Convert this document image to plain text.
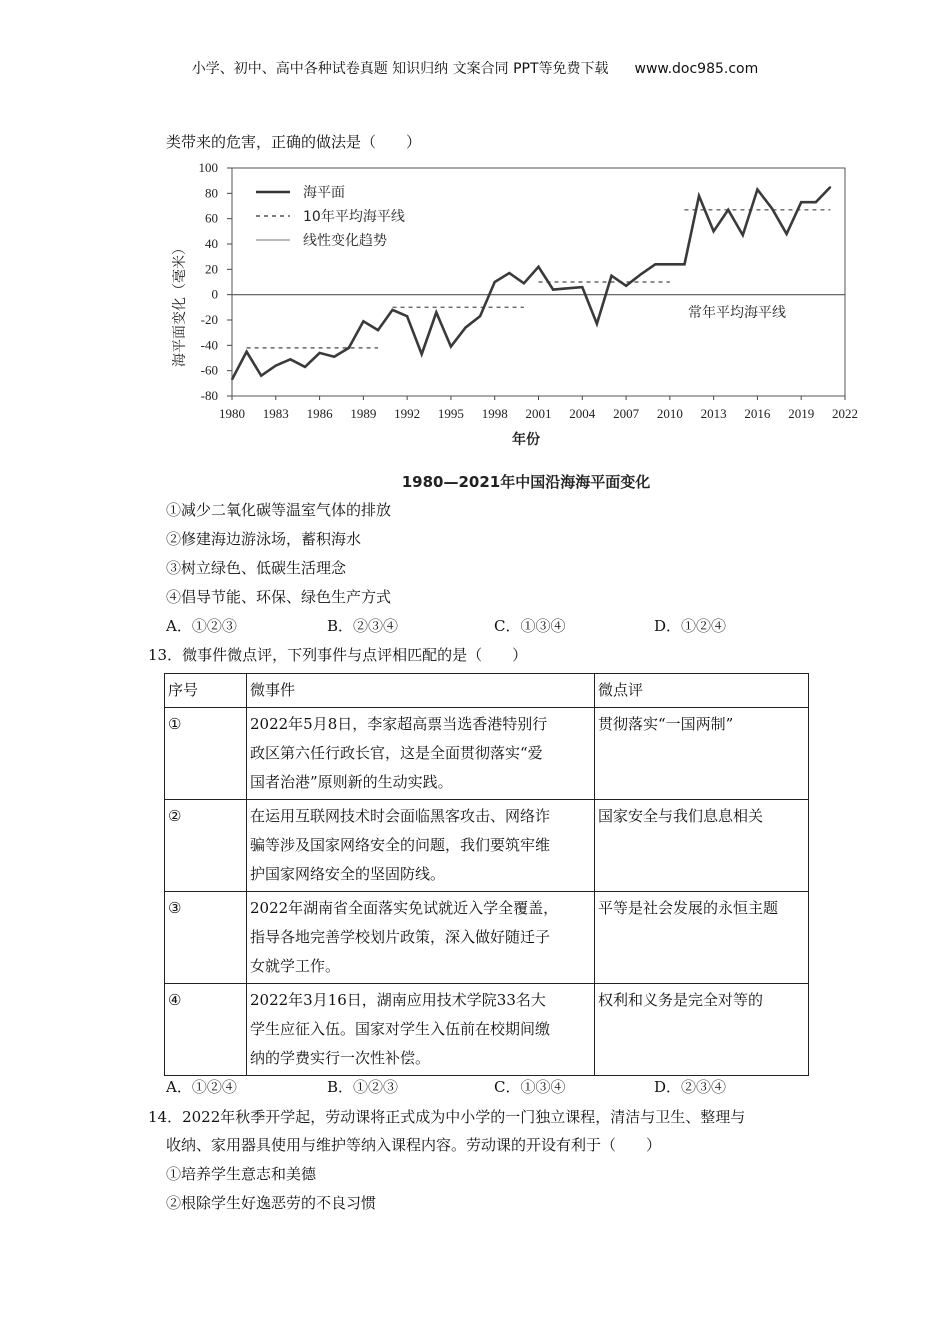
小学、初中、高中各种试卷真题 知识归纳 文案合同 PPT等免费下载 www.doc985.com
类带来的危害，正确的做法是（　　）
-80
-60
-40
-20
0
20
40
60
80
100
1980 1983 1986 1989 1992 1995 1998 2001 2004 2007 2010 2013 2016 2019 2022
海平面
10年平均海平线
线性变化趋势
常年平均海平线
海平面变化（毫米）
年份
1980—2021年中国沿海海平面变化
①减少二氧化碳等温室气体的排放
②修建海边游泳场，蓄积海水
③树立绿色、低碳生活理念
④倡导节能、环保、绿色生产方式
A．①②③	B．②③④	C．①③④	D．①②④
13．微事件微点评，下列事件与点评相匹配的是（　　）
序号	微事件	微点评
①	2022年5月8日，李家超高票当选香港特别行
政区第六任行政长官，这是全面贯彻落实“爱
国者治港”原则新的生动实践。	贯彻落实“一国两制”
②	在运用互联网技术时会面临黑客攻击、网络诈
骗等涉及国家网络安全的问题，我们要筑牢维
护国家网络安全的坚固防线。	国家安全与我们息息相关
③	2022年湖南省全面落实免试就近入学全覆盖，
指导各地完善学校划片政策，深入做好随迁子
女就学工作。	平等是社会发展的永恒主题
④	2022年3月16日，湖南应用技术学院33名大
学生应征入伍。国家对学生入伍前在校期间缴
纳的学费实行一次性补偿。	权利和义务是完全对等的
A．①②④	B．①②③	C．①③④	D．②③④
14．2022年秋季开学起，劳动课将正式成为中小学的一门独立课程，清洁与卫生、整理与
收纳、家用器具使用与维护等纳入课程内容。劳动课的开设有利于（　　）
①培养学生意志和美德
②根除学生好逸恶劳的不良习惯
